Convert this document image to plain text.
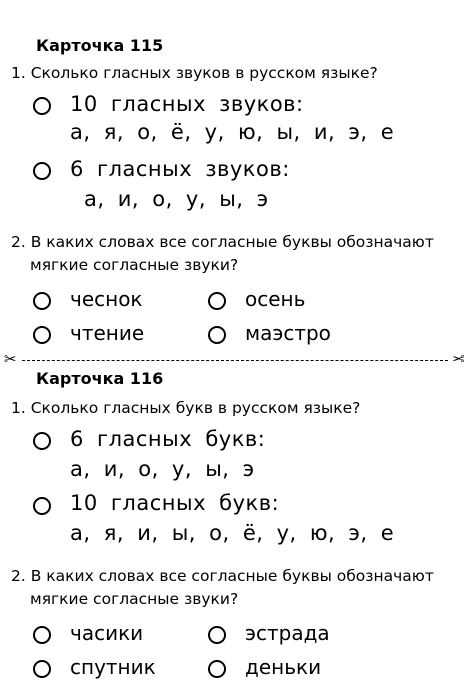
Карточка 115
1. Сколько гласных звуков в русском языке?
10 гласных звуков:
а, я, о, ё, у, ю, ы, и, э, е
6 гласных звуков:
а, и, о, у, ы, э
2. В каких словах все согласные буквы обозначают
мягкие согласные звуки?
чеснок	осень
чтение	маэстро
✂	✂
Карточка 116
1. Сколько гласных букв в русском языке?
6 гласных букв:
а, и, о, у, ы, э
10 гласных букв:
а, я, и, ы, о, ё, у, ю, э, е
2. В каких словах все согласные буквы обозначают
мягкие согласные звуки?
часики	эстрада
спутник	деньки
